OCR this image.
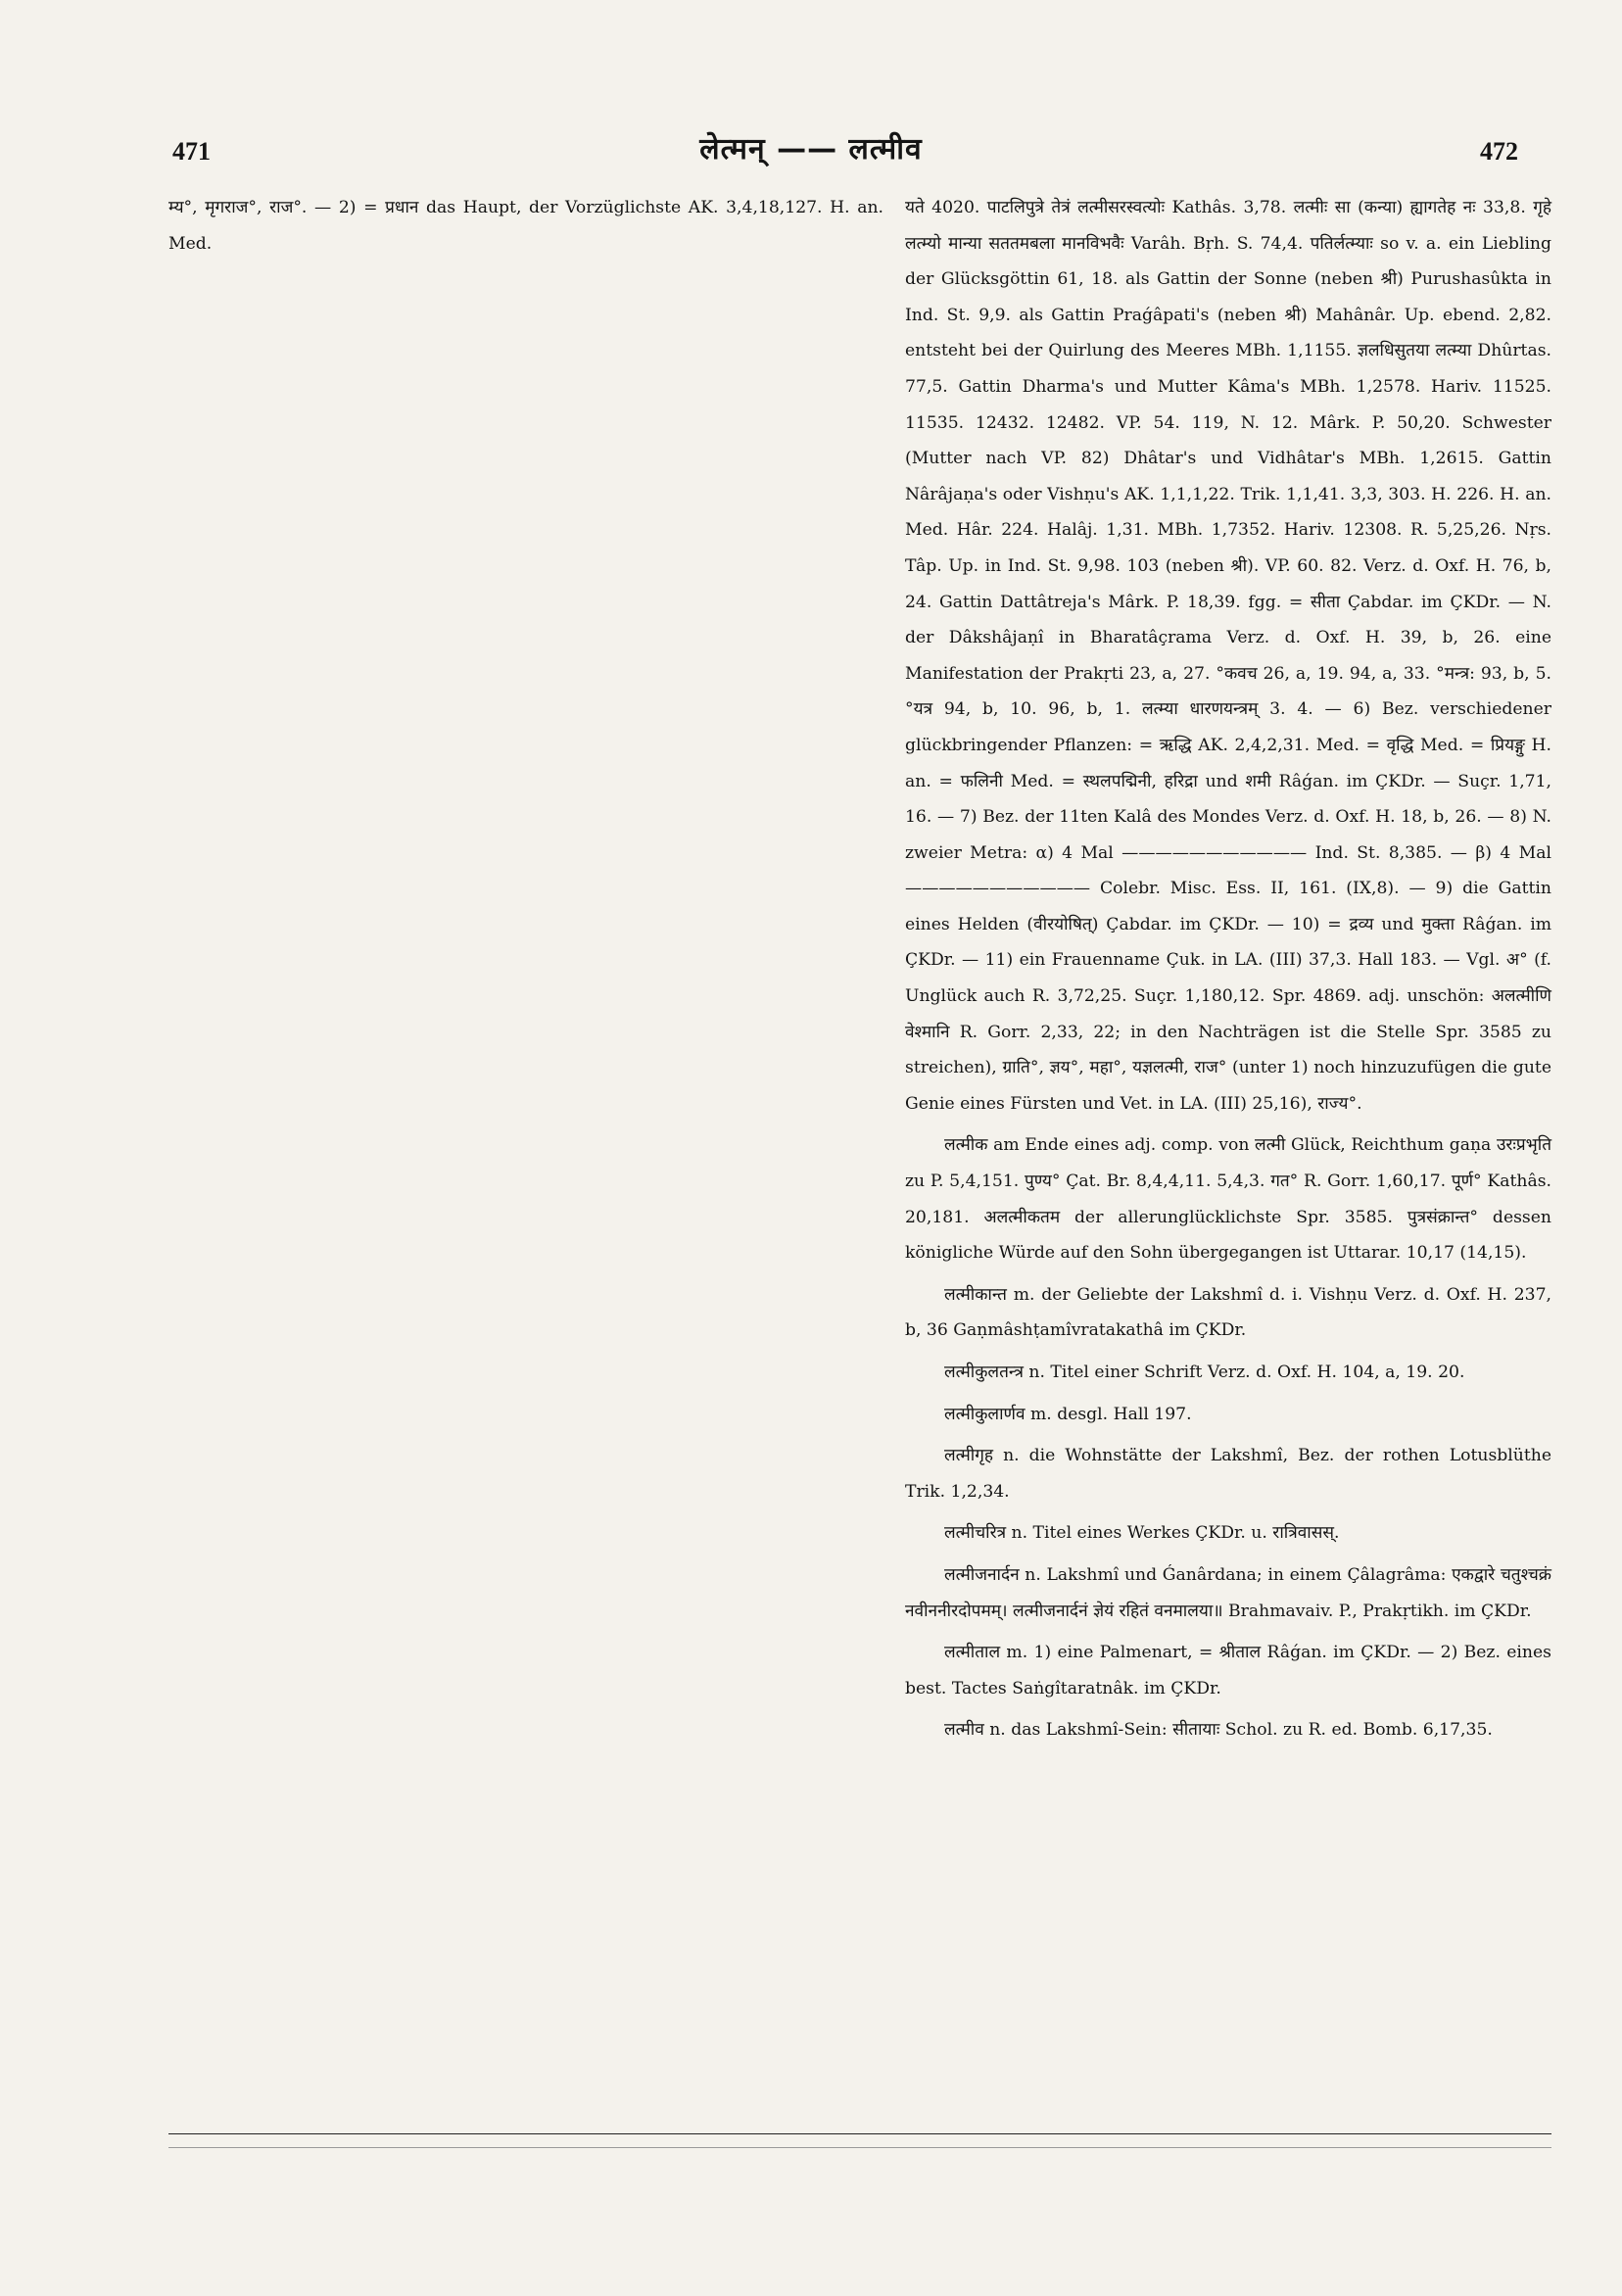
471	लेत्मन् —— लत्मीव	472

म्य°, मृगराज°, राज°. — 2) = प्रधान das Haupt, der Vorzüglichste AK. 3,4,18,127. H. an. Med.

यते 4020. पाटलिपुत्रे तेत्रं लत्मीसरस्वत्योः Kathâs. 3,78. लत्मीः सा (कन्या) ह्यागतेह नः 33,8. गृहे लत्म्यो मान्या सततमबला मानविभवैः Varâh. Bṛh. S. 74,4. पतिर्लत्म्याः so v. a. ein Liebling der Glücksgöttin 61, 18. als Gattin der Sonne (neben श्री) Purushasûkta in Ind. St. 9,9. als Gattin Praǵâpati's (neben श्री) Mahânâr. Up. ebend. 2,82. entsteht bei der Quirlung des Meeres MBh. 1,1155. ज्ञलधिसुतया लत्म्या Dhûrtas. 77,5. Gattin Dharma's und Mutter Kâma's MBh. 1,2578. Hariv. 11525. 11535. 12432. 12482. VP. 54. 119, N. 12. Mârk. P. 50,20. Schwester (Mutter nach VP. 82) Dhâtar's und Vidhâtar's MBh. 1,2615. Gattin Nârâjaṇa's oder Vishṇu's AK. 1,1,1,22. Trik. 1,1,41. 3,3, 303. H. 226. H. an. Med. Hâr. 224. Halâj. 1,31. MBh. 1,7352. Hariv. 12308. R. 5,25,26. Nṛs. Tâp. Up. in Ind. St. 9,98. 103 (neben श्री). VP. 60. 82. Verz. d. Oxf. H. 76, b, 24. Gattin Dattâtreja's Mârk. P. 18,39. fgg. = सीता Çabdar. im ÇKDr. — N. der Dâkshâjaṇî in Bharatâçrama Verz. d. Oxf. H. 39, b, 26. eine Manifestation der Prakṛti 23, a, 27. °कवच 26, a, 19. 94, a, 33. °मन्त्र: 93, b, 5. °यत्र 94, b, 10. 96, b, 1. लत्म्या धारणयन्त्रम् 3. 4. — 6) Bez. verschiedener glückbringender Pflanzen: = ऋद्धि AK. 2,4,2,31. Med. = वृद्धि Med. = प्रियङ्गु H. an. = फलिनी Med. = स्थलपद्मिनी, हरिद्रा und शमी Râǵan. im ÇKDr. — Suçr. 1,71, 16. — 7) Bez. der 11ten Kalâ des Mondes Verz. d. Oxf. H. 18, b, 26. — 8) N. zweier Metra: α) 4 Mal ——————————— Ind. St. 8,385. — β) 4 Mal ——————————— Colebr. Misc. Ess. II, 161. (IX,8). — 9) die Gattin eines Helden (वीरयोषित्) Çabdar. im ÇKDr. — 10) = द्रव्य und मुक्ता Râǵan. im ÇKDr. — 11) ein Frauenname Çuk. in LA. (III) 37,3. Hall 183. — Vgl. अ° (f. Unglück auch R. 3,72,25. Suçr. 1,180,12. Spr. 4869. adj. unschön: अलत्मीणि वेश्मानि R. Gorr. 2,33, 22; in den Nachträgen ist die Stelle Spr. 3585 zu streichen), ग्राति°, ज्ञय°, महा°, यज्ञलत्मी, राज° (unter 1) noch hinzuzufügen die gute Genie eines Fürsten und Vet. in LA. (III) 25,16), राज्य°.

लत्मीक am Ende eines adj. comp. von लत्मी Glück, Reichthum gaṇa उरःप्रभृति zu P. 5,4,151. पुण्य° Çat. Br. 8,4,4,11. 5,4,3. गत° R. Gorr. 1,60,17. पूर्ण° Kathâs. 20,181. अलत्मीकतम der allerunglücklichste Spr. 3585. पुत्रसंक्रान्त° dessen königliche Würde auf den Sohn übergegangen ist Uttarar. 10,17 (14,15).

लत्मीकान्त m. der Geliebte der Lakshmî d. i. Vishṇu Verz. d. Oxf. H. 237, b, 36 Gaṇmâshṭamîvratakathâ im ÇKDr.

लत्मीकुलतन्त्र n. Titel einer Schrift Verz. d. Oxf. H. 104, a, 19. 20.

लत्मीकुलार्णव m. desgl. Hall 197.

लत्मीगृह n. die Wohnstätte der Lakshmî, Bez. der rothen Lotusblüthe Trik. 1,2,34.

लत्मीचरित्र n. Titel eines Werkes ÇKDr. u. रात्रिवासस्.

लत्मीजनार्दन n. Lakshmî und Ǵanârdana; in einem Çâlagrâma: एकद्वारे चतुश्चक्रं नवीननीरदोपमम्। लत्मीजनार्दनं ज्ञेयं रहितं वनमालया॥ Brahmavaiv. P., Prakṛtikh. im ÇKDr.

लत्मीताल m. 1) eine Palmenart, = श्रीताल Râǵan. im ÇKDr. — 2) Bez. eines best. Tactes Saṅgîtaratnâk. im ÇKDr.

लत्मीव n. das Lakshmî-Sein: सीतायाः Schol. zu R. ed. Bomb. 6,17,35.
